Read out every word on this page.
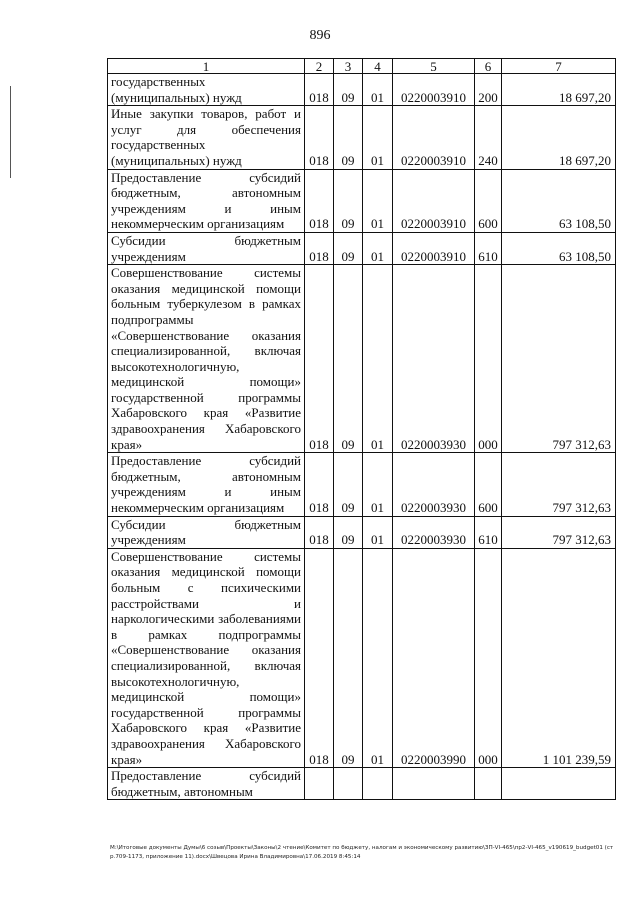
896
1	2	3	4	5	6	7
государственных (муниципальных) нужд	018	09	01	0220003910	200	18 697,20
Иные закупки товаров, работ и услуг для обеспечения государственных (муниципальных) нужд	018	09	01	0220003910	240	18 697,20
Предоставление субсидий бюджетным, автономным учреждениям и иным некоммерческим организациям	018	09	01	0220003910	600	63 108,50
Субсидии бюджетным учреждениям	018	09	01	0220003910	610	63 108,50
Совершенствование системы оказания медицинской помощи больным туберкулезом в рамках подпрограммы «Совершенствование оказания специализированной, включая высокотехнологичную, медицинской помощи» государственной программы Хабаровского края «Развитие здравоохранения Хабаровского края»	018	09	01	0220003930	000	797 312,63
Предоставление субсидий бюджетным, автономным учреждениям и иным некоммерческим организациям	018	09	01	0220003930	600	797 312,63
Субсидии бюджетным учреждениям	018	09	01	0220003930	610	797 312,63
Совершенствование системы оказания медицинской помощи больным с психическими расстройствами и наркологическими заболеваниями в рамках подпрограммы «Совершенствование оказания специализированной, включая высокотехнологичную, медицинской помощи» государственной программы Хабаровского края «Развитие здравоохранения Хабаровского края»	018	09	01	0220003990	000	1 101 239,59
Предоставление субсидий бюджетным, автономным						
M:\Итоговые документы Думы\6 созыв\Проекты\Законы\2 чтение\Комитет по бюджету, налогам и экономическому развитию\ЗП-VI-465\пр2-VI-465_v190619_budget01 (стр.709-1173, приложение 11).docx\Швецова Ирина Владимировна\17.06.2019 8:45:14
